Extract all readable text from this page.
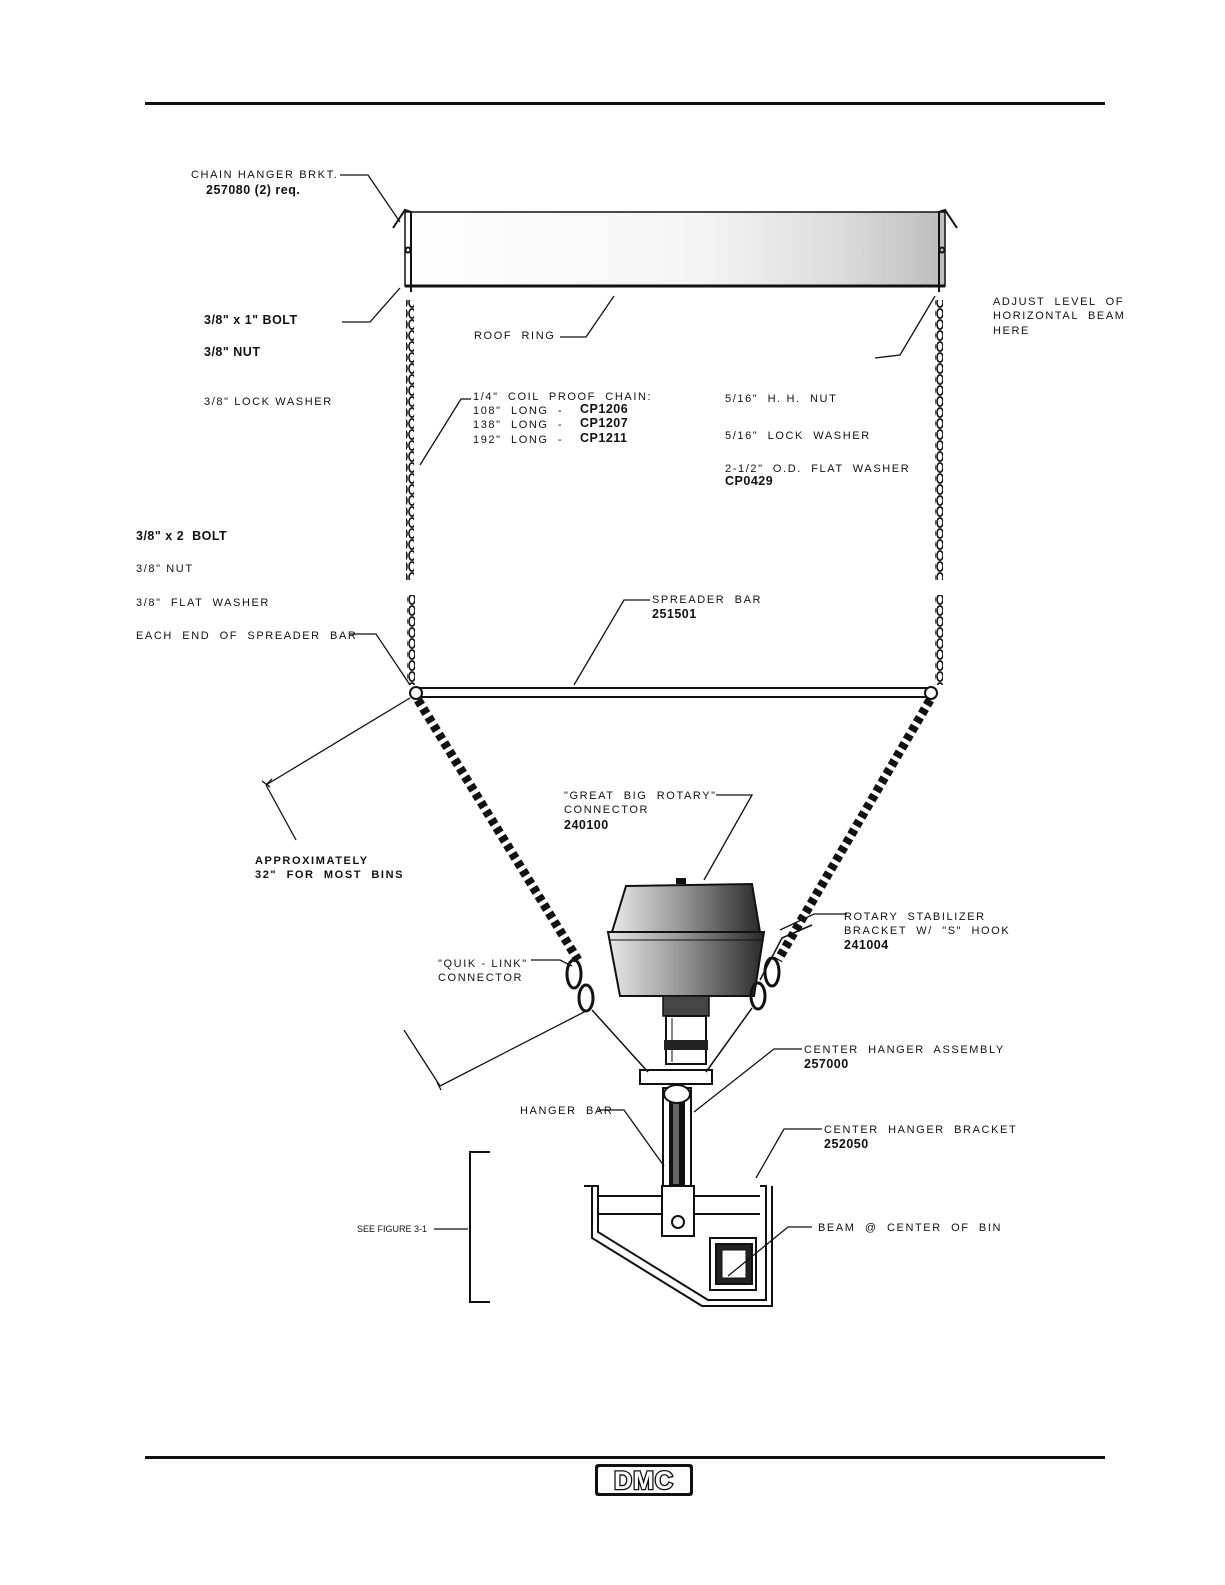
CHAIN HANGER BRKT.
257080 (2) req.
3/8" x 1" BOLT
3/8" NUT
3/8" LOCK WASHER
ROOF  RING
ADJUST  LEVEL  OF
HORIZONTAL  BEAM
HERE
1/4"  COIL  PROOF  CHAIN:
108"  LONG  - CP1206
138"  LONG  - CP1207
192"  LONG  - CP1211
5/16"  H. H.  NUT
5/16"  LOCK  WASHER
2-1/2"  O.D.  FLAT  WASHER
CP0429
3/8" x 2  BOLT
3/8" NUT
3/8"  FLAT  WASHER
EACH  END  OF  SPREADER  BAR
SPREADER  BAR
251501
APPROXIMATELY
32"  FOR  MOST  BINS
"GREAT  BIG  ROTARY"
CONNECTOR
240100
ROTARY  STABILIZER
BRACKET  W/  "S"  HOOK
241004
"QUIK - LINK"
CONNECTOR
CENTER  HANGER  ASSEMBLY
257000
HANGER  BAR
CENTER  HANGER  BRACKET
252050
SEE FIGURE 3-1	BEAM  @  CENTER  OF  BIN
DMC
